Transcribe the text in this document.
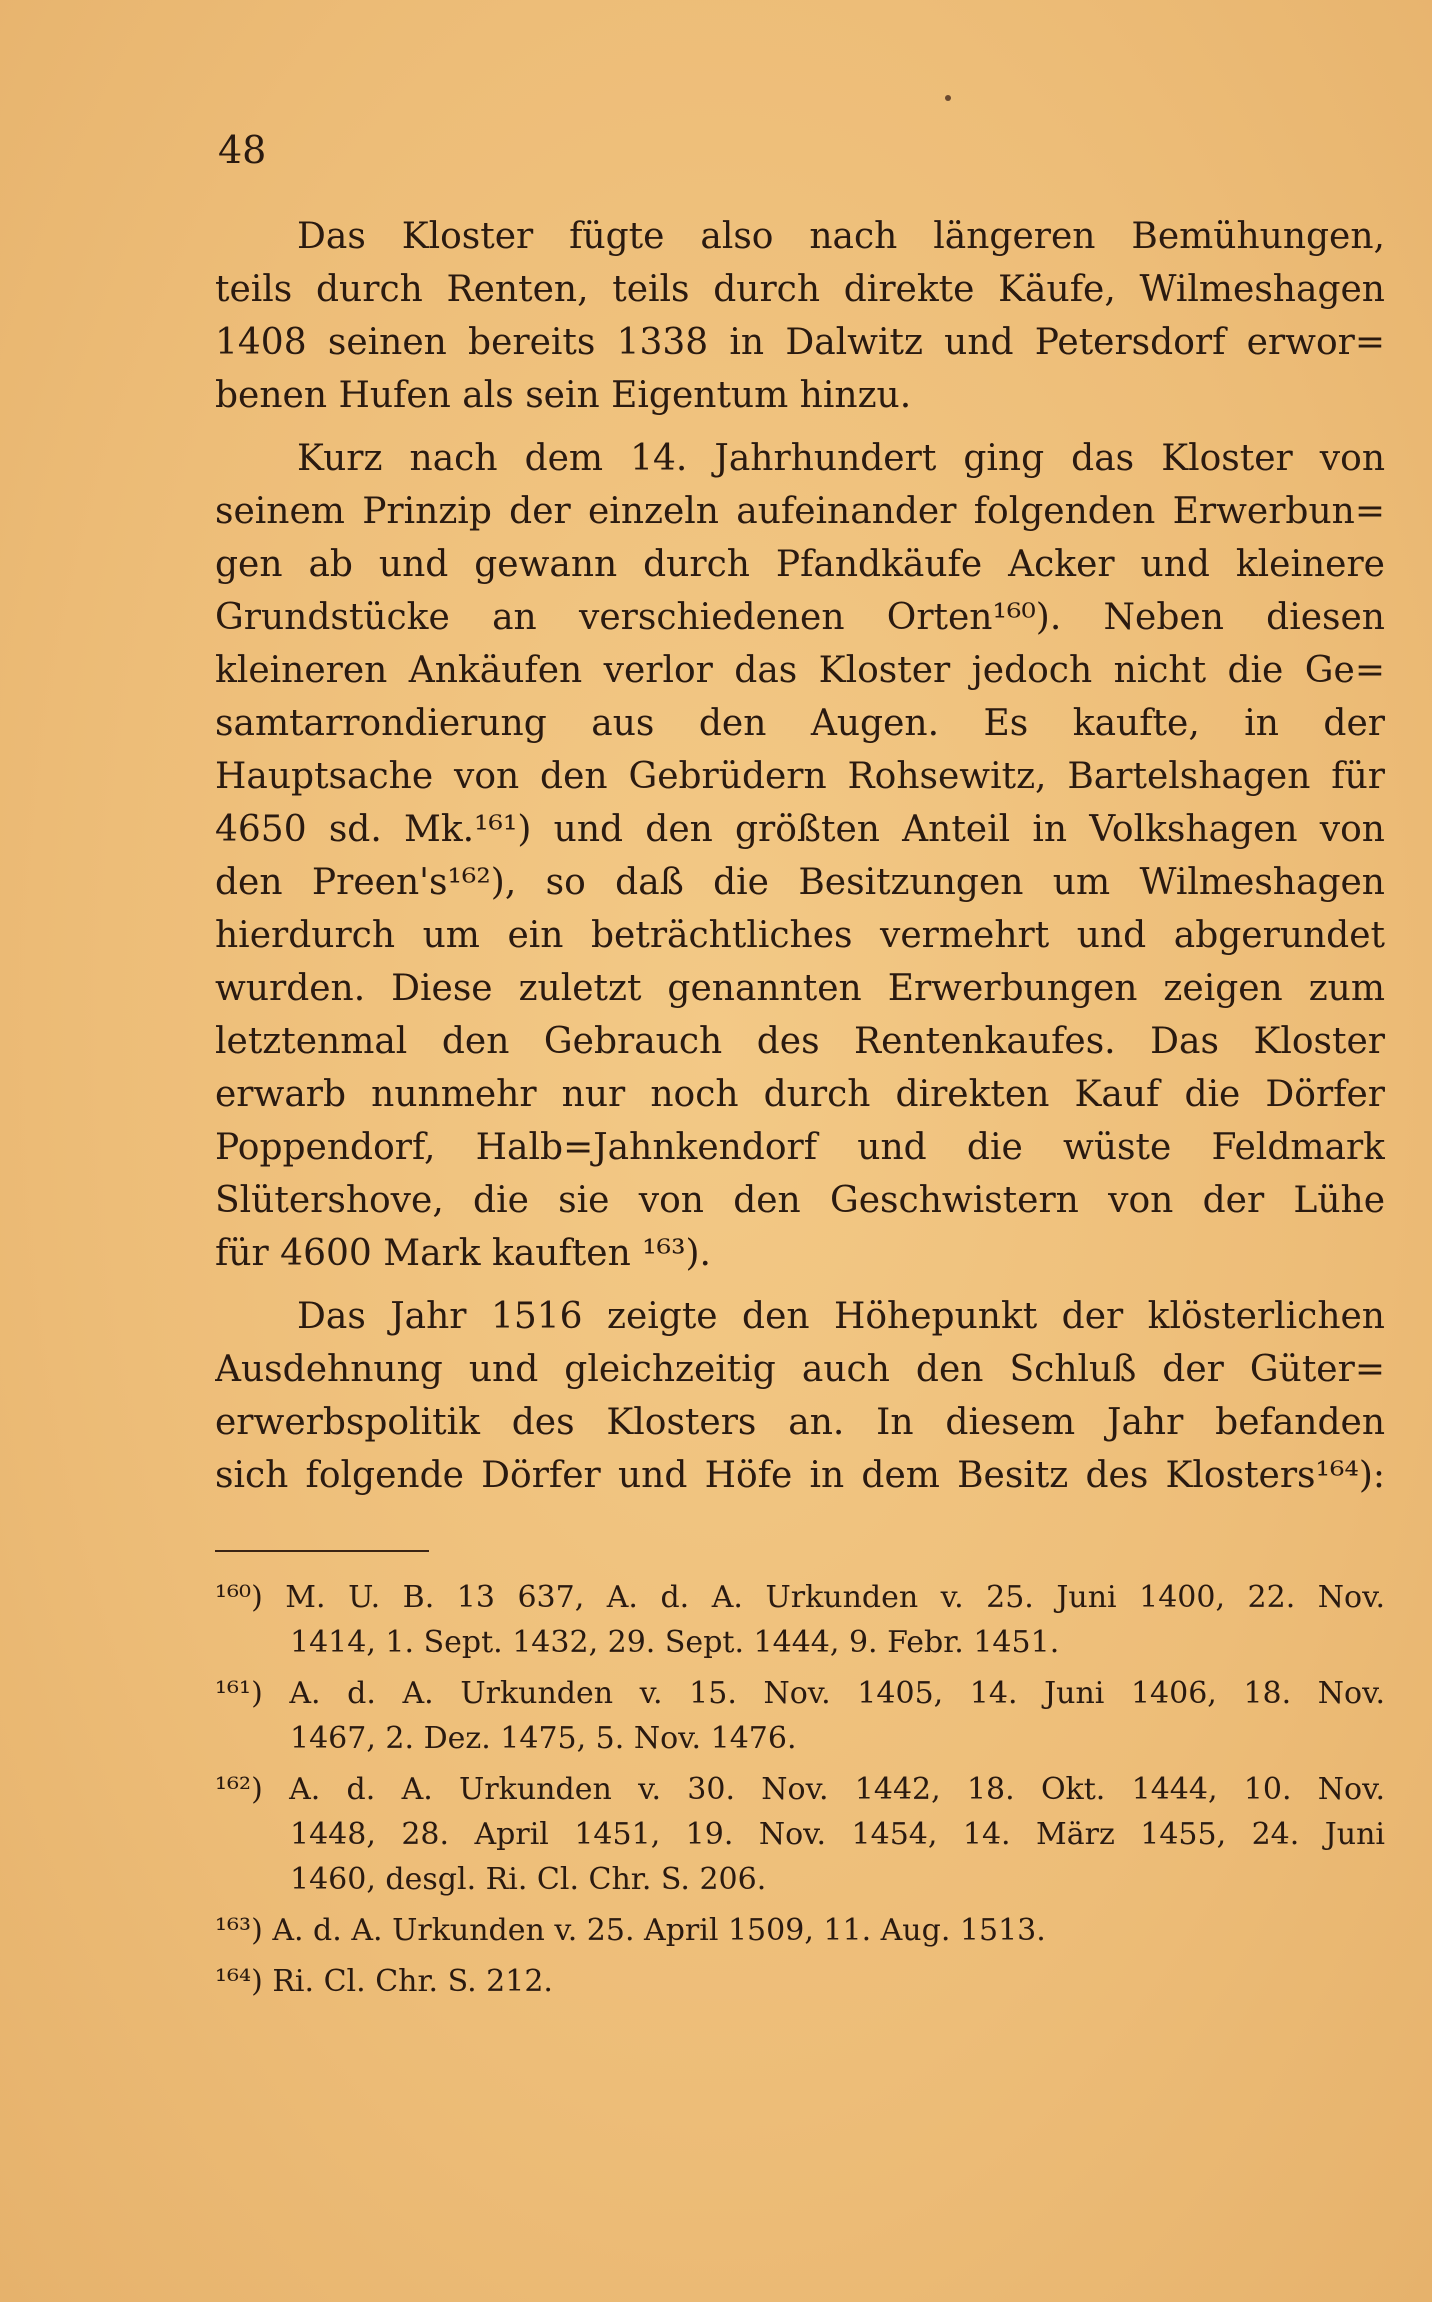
48
Das Kloster fügte also nach längeren Bemühungen,
teils durch Renten, teils durch direkte Käufe, Wilmeshagen
1408 seinen bereits 1338 in Dalwitz und Petersdorf erwor=
benen Hufen als sein Eigentum hinzu.
Kurz nach dem 14. Jahrhundert ging das Kloster von
seinem Prinzip der einzeln aufeinander folgenden Erwerbun=
gen ab und gewann durch Pfandkäufe Acker und kleinere
Grundstücke an verschiedenen Orten¹⁶⁰). Neben diesen
kleineren Ankäufen verlor das Kloster jedoch nicht die Ge=
samtarrondierung aus den Augen. Es kaufte, in der
Hauptsache von den Gebrüdern Rohsewitz, Bartelshagen für
4650 sd. Mk.¹⁶¹) und den größten Anteil in Volkshagen von
den Preen's¹⁶²), so daß die Besitzungen um Wilmeshagen
hierdurch um ein beträchtliches vermehrt und abgerundet
wurden. Diese zuletzt genannten Erwerbungen zeigen zum
letztenmal den Gebrauch des Rentenkaufes. Das Kloster
erwarb nunmehr nur noch durch direkten Kauf die Dörfer
Poppendorf, Halb=Jahnkendorf und die wüste Feldmark
Slütershove, die sie von den Geschwistern von der Lühe
für 4600 Mark kauften ¹⁶³).
Das Jahr 1516 zeigte den Höhepunkt der klösterlichen
Ausdehnung und gleichzeitig auch den Schluß der Güter=
erwerbspolitik des Klosters an. In diesem Jahr befanden
sich folgende Dörfer und Höfe in dem Besitz des Klosters¹⁶⁴):
¹⁶⁰) M. U. B. 13 637, A. d. A. Urkunden v. 25. Juni 1400, 22. Nov.
1414, 1. Sept. 1432, 29. Sept. 1444, 9. Febr. 1451.
¹⁶¹) A. d. A. Urkunden v. 15. Nov. 1405, 14. Juni 1406, 18. Nov.
1467, 2. Dez. 1475, 5. Nov. 1476.
¹⁶²) A. d. A. Urkunden v. 30. Nov. 1442, 18. Okt. 1444, 10. Nov.
1448, 28. April 1451, 19. Nov. 1454, 14. März 1455, 24. Juni
1460, desgl. Ri. Cl. Chr. S. 206.
¹⁶³) A. d. A. Urkunden v. 25. April 1509, 11. Aug. 1513.
¹⁶⁴) Ri. Cl. Chr. S. 212.
